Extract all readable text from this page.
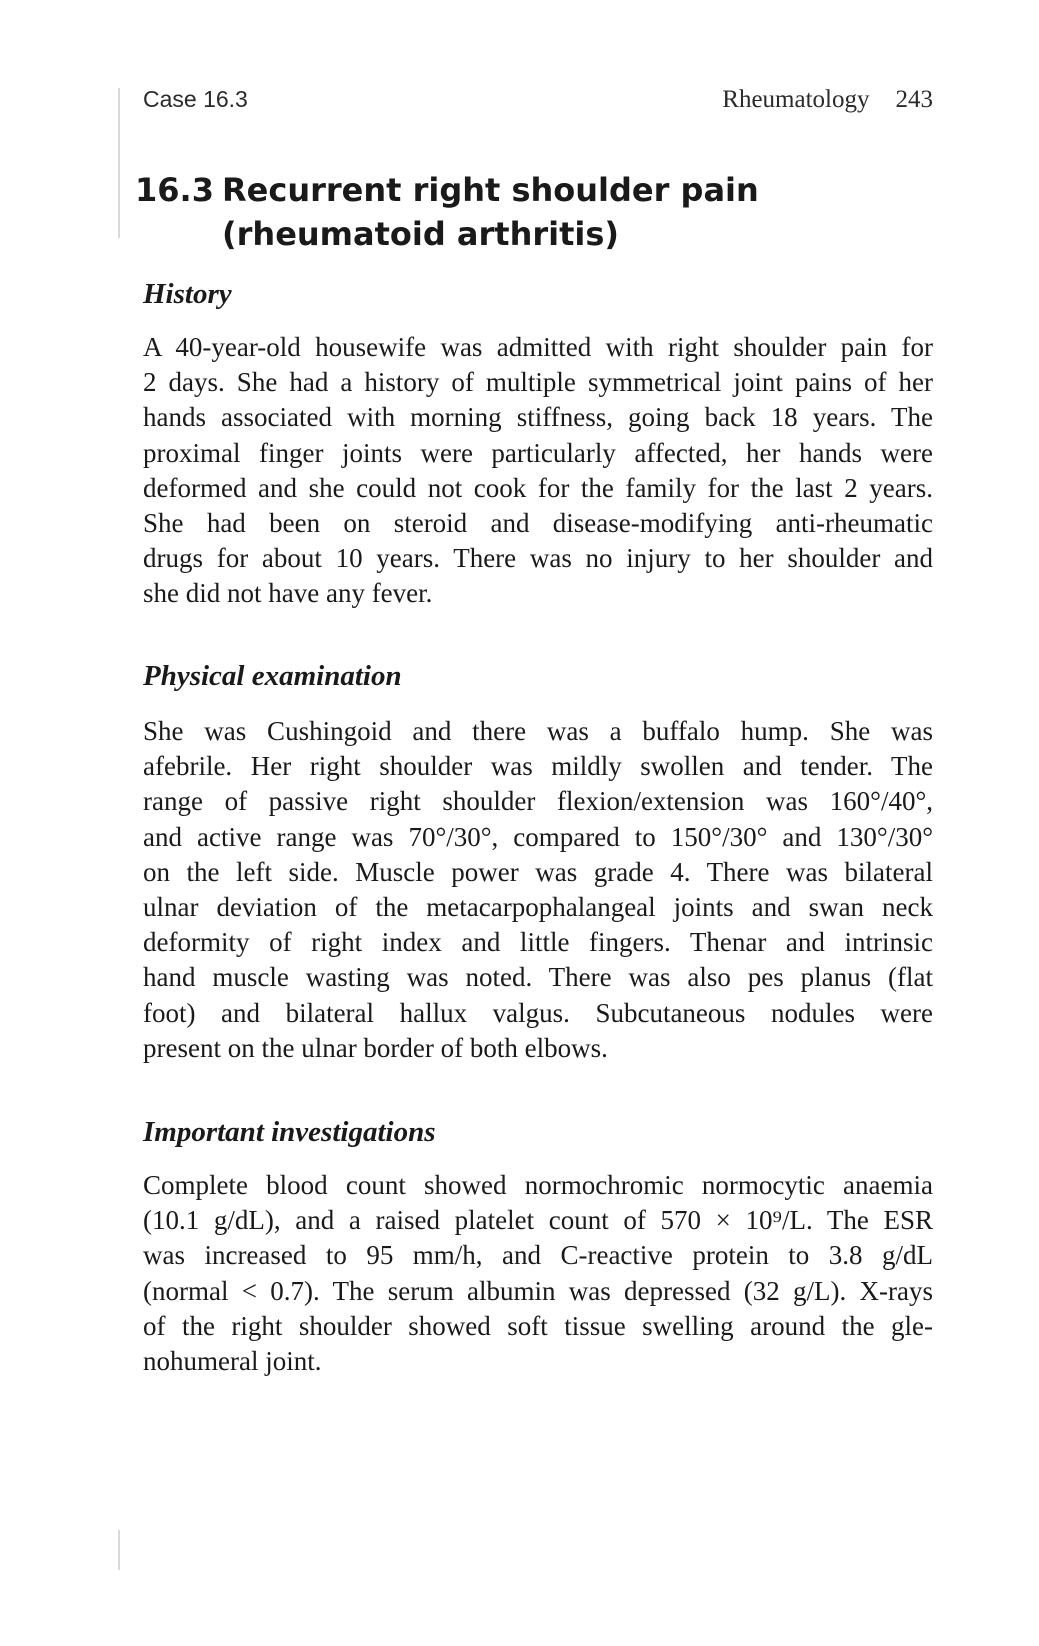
Case 16.3	Rheumatology 243
16.3 Recurrent right shoulder pain (rheumatoid arthritis)
History
A 40-year-old housewife was admitted with right shoulder pain for
2 days. She had a history of multiple symmetrical joint pains of her
hands associated with morning stiffness, going back 18 years. The
proximal finger joints were particularly affected, her hands were
deformed and she could not cook for the family for the last 2 years.
She had been on steroid and disease-modifying anti-rheumatic
drugs for about 10 years. There was no injury to her shoulder and
she did not have any fever.
Physical examination
She was Cushingoid and there was a buffalo hump. She was
afebrile. Her right shoulder was mildly swollen and tender. The
range of passive right shoulder flexion/extension was 160°/40°,
and active range was 70°/30°, compared to 150°/30° and 130°/30°
on the left side. Muscle power was grade 4. There was bilateral
ulnar deviation of the metacarpophalangeal joints and swan neck
deformity of right index and little fingers. Thenar and intrinsic
hand muscle wasting was noted. There was also pes planus (flat
foot) and bilateral hallux valgus. Subcutaneous nodules were
present on the ulnar border of both elbows.
Important investigations
Complete blood count showed normochromic normocytic anaemia
(10.1 g/dL), and a raised platelet count of 570 × 10⁹/L. The ESR
was increased to 95 mm/h, and C-reactive protein to 3.8 g/dL
(normal < 0.7). The serum albumin was depressed (32 g/L). X-rays
of the right shoulder showed soft tissue swelling around the gle-
nohumeral joint.
